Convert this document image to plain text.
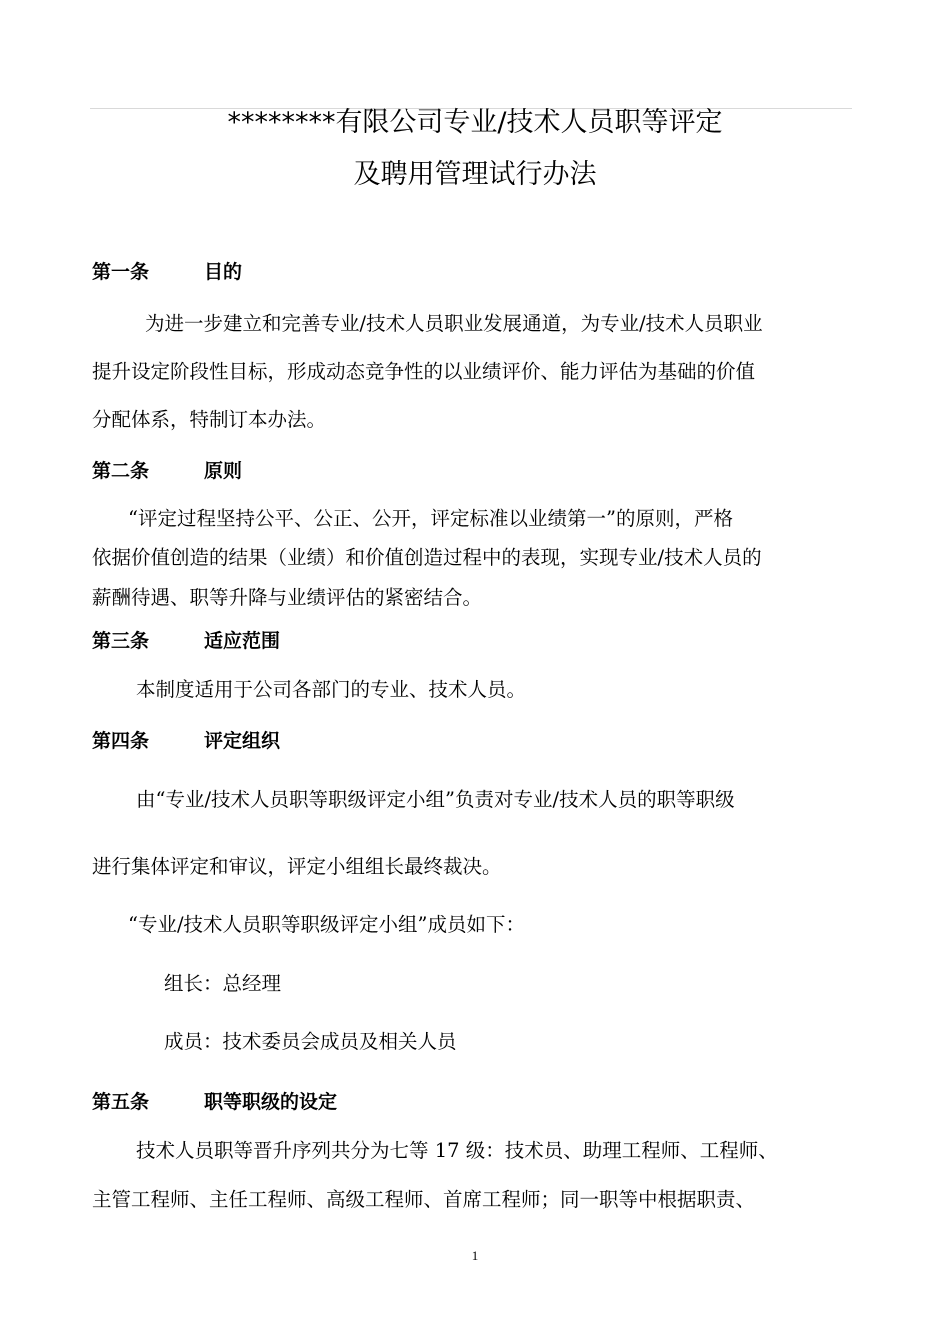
********有限公司专业/技术人员职等评定
及聘用管理试行办法
第一条	目的
为进一步建立和完善专业/技术人员职业发展通道，为专业/技术人员职业
提升设定阶段性目标，形成动态竞争性的以业绩评价、能力评估为基础的价值
分配体系，特制订本办法。
第二条	原则
“评定过程坚持公平、公正、公开，评定标准以业绩第一”的原则，严格
依据价值创造的结果（业绩）和价值创造过程中的表现，实现专业/技术人员的
薪酬待遇、职等升降与业绩评估的紧密结合。
第三条	适应范围
本制度适用于公司各部门的专业、技术人员。
第四条	评定组织
由“专业/技术人员职等职级评定小组”负责对专业/技术人员的职等职级
进行集体评定和审议，评定小组组长最终裁决。
“专业/技术人员职等职级评定小组”成员如下：
组长：总经理
成员：技术委员会成员及相关人员
第五条	职等职级的设定
技术人员职等晋升序列共分为七等 17 级：技术员、助理工程师、工程师、
主管工程师、主任工程师、高级工程师、首席工程师；同一职等中根据职责、
1
